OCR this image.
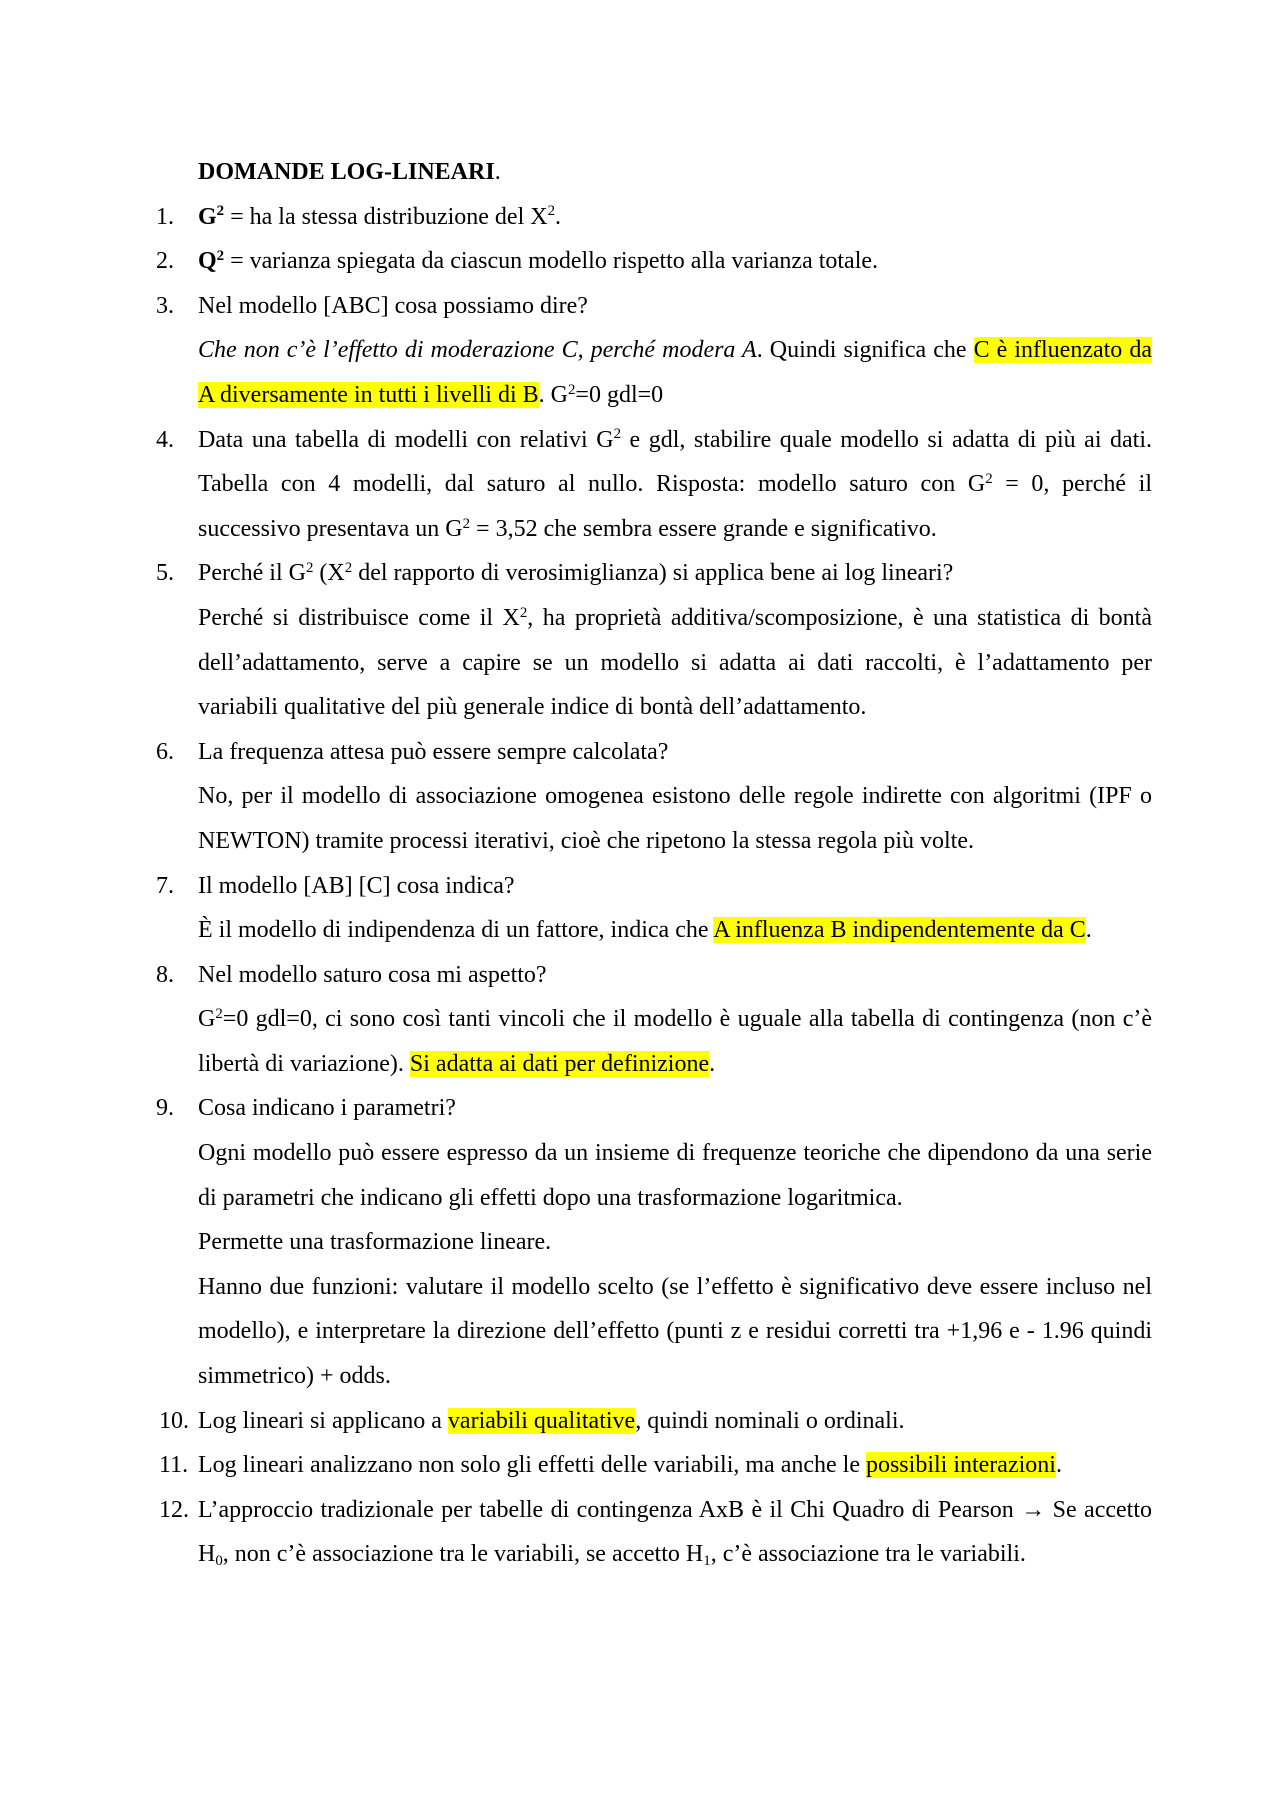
DOMANDE LOG-LINEARI.
1. $G^2$ = ha la stessa distribuzione del $X^2$.

2. $Q^2$ = varianza spiegata da ciascun modello rispetto alla varianza totale.

3. Nel modello [ABC] cosa possiamo dire?

Che non c’è l’effetto di moderazione C, perché modera A. Quindi significa che C è influenzato da A diversamente in tutti i livelli di B. $G^2=0$ gdl=0

4. Data una tabella di modelli con relativi $G^2$ e gdl, stabilire quale modello si adatta di più ai dati. Tabella con 4 modelli, dal saturo al nullo. Risposta: modello saturo con $G^2 = 0$, perché il successivo presentava un $G^2 = 3,52$ che sembra essere grande e significativo.

5. Perché il $G^2$ ($X^2$ del rapporto di verosimiglianza) si applica bene ai log lineari?

Perché si distribuisce come il $X^2$, ha proprietà additiva/scomposizione, è una statistica di bontà dell’adattamento, serve a capire se un modello si adatta ai dati raccolti, è l’adattamento per variabili qualitative del più generale indice di bontà dell’adattamento.

6. La frequenza attesa può essere sempre calcolata?

No, per il modello di associazione omogenea esistono delle regole indirette con algoritmi (IPF o NEWTON) tramite processi iterativi, cioè che ripetono la stessa regola più volte.

7. Il modello [AB] [C] cosa indica?

È il modello di indipendenza di un fattore, indica che A influenza B indipendentemente da C.

8. Nel modello saturo cosa mi aspetto?

$G^2=0$ gdl=0, ci sono così tanti vincoli che il modello è uguale alla tabella di contingenza (non c’è libertà di variazione). Si adatta ai dati per definizione.

9. Cosa indicano i parametri?

Ogni modello può essere espresso da un insieme di frequenze teoriche che dipendono da una serie di parametri che indicano gli effetti dopo una trasformazione logaritmica.

Permette una trasformazione lineare.

Hanno due funzioni: valutare il modello scelto (se l’effetto è significativo deve essere incluso nel modello), e interpretare la direzione dell’effetto (punti z e residui corretti tra +1,96 e - 1.96 quindi simmetrico) + odds.

10. Log lineari si applicano a variabili qualitative, quindi nominali o ordinali.

11. Log lineari analizzano non solo gli effetti delle variabili, ma anche le possibili interazioni.

12. L’approccio tradizionale per tabelle di contingenza AxB è il Chi Quadro di Pearson → Se accetto $H_0$, non c’è associazione tra le variabili, se accetto $H_1$, c’è associazione tra le variabili.
